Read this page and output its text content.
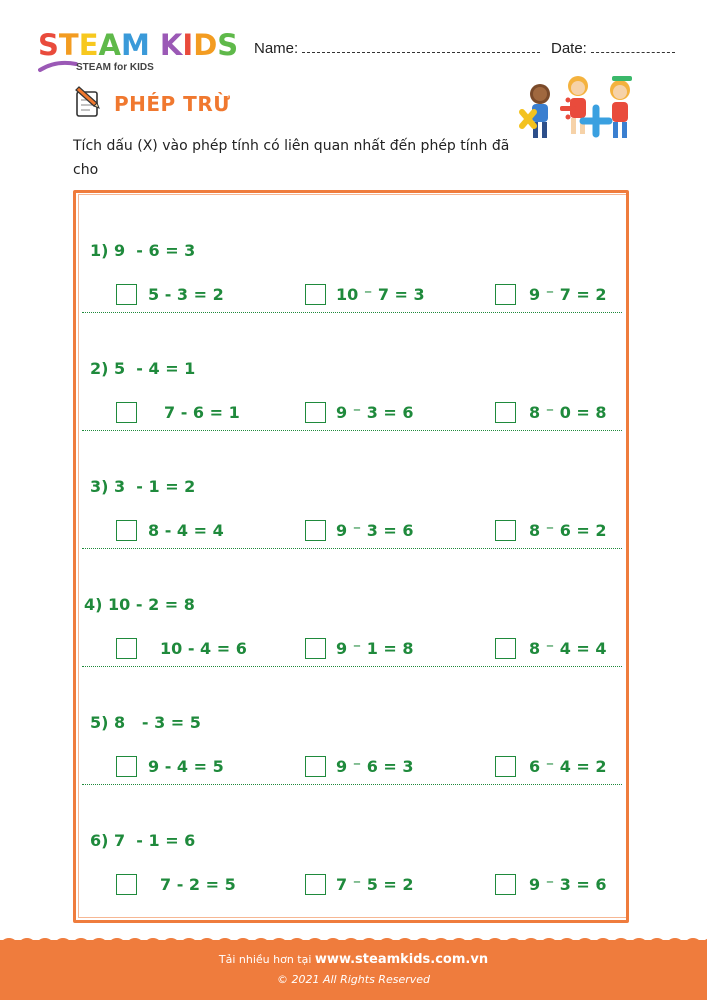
STEAM KIDS
STEAM for KIDS
Name:	Date:
PHÉP TRỪ
Tích dấu (X) vào phép tính có liên quan nhất đến phép tính đã cho
1) 9  - 6 = 3
5 - 3 = 2	10 ⁻ 7 = 3	9 ⁻ 7 = 2
2) 5  - 4 = 1
7 - 6 = 1	9 ⁻ 3 = 6	8 ⁻ 0 = 8
3) 3  - 1 = 2
8 - 4 = 4	9 ⁻ 3 = 6	8 ⁻ 6 = 2
4) 10 - 2 = 8
10 - 4 = 6	9 ⁻ 1 = 8	8 ⁻ 4 = 4
5) 8   - 3 = 5
9 - 4 = 5	9 ⁻ 6 = 3	6 ⁻ 4 = 2
6) 7  - 1 = 6
7 - 2 = 5	7 ⁻ 5 = 2	9 ⁻ 3 = 6
Tải nhiều hơn tại www.steamkids.com.vn
© 2021 All Rights Reserved
